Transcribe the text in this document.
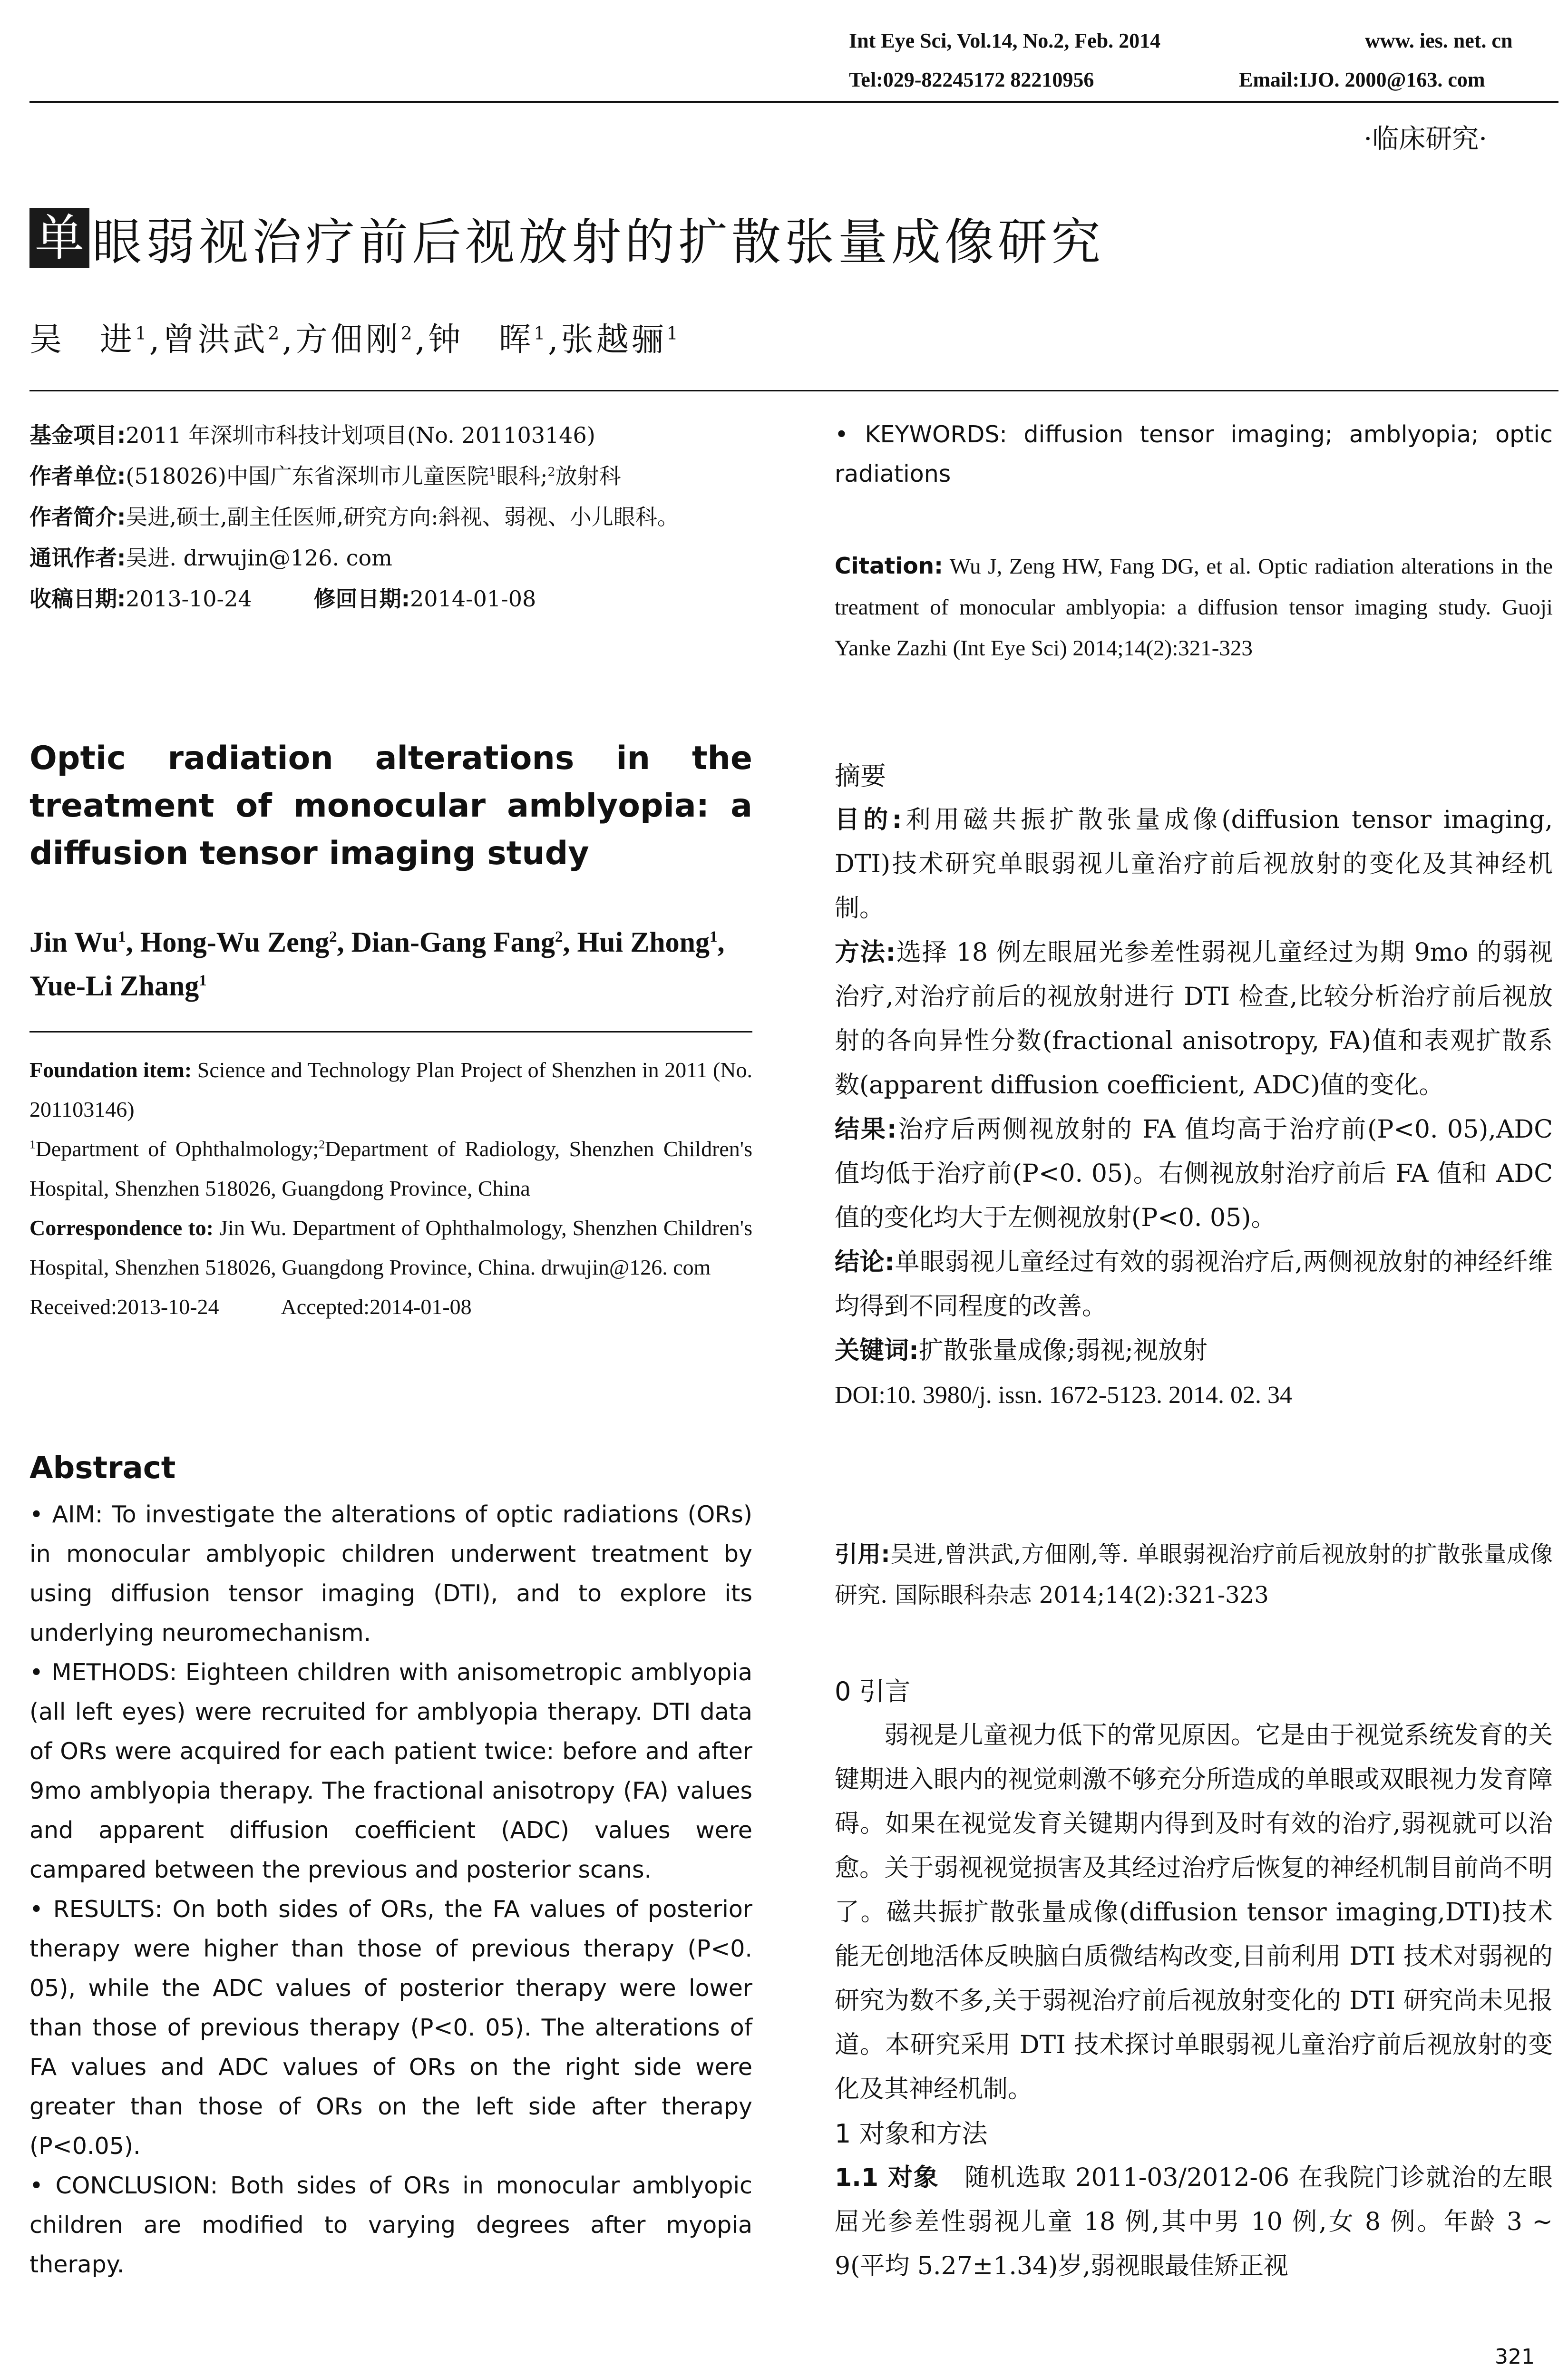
Int Eye Sci, Vol.14, No.2, Feb. 2014	www. ies. net. cn
Tel:029-82245172 82210956	Email:IJO. 2000@163. com
·临床研究·
单 眼弱视治疗前后视放射的扩散张量成像研究
吴　进$^1$,曾洪武$^2$,方佃刚$^2$,钟　晖$^1$,张越骊$^1$
基金项目:2011 年深圳市科技计划项目(No. 201103146)
作者单位:(518026)中国广东省深圳市儿童医院$^1$眼科;$^2$放射科
作者简介:吴进,硕士,副主任医师,研究方向:斜视、弱视、小儿眼科。
通讯作者:吴进. drwujin@126. com
收稿日期:2013-10-24	修回日期:2014-01-08
Optic radiation alterations in the treatment of monocular amblyopia: a diffusion tensor imaging study
Jin Wu$^1$, Hong-Wu Zeng$^2$, Dian-Gang Fang$^2$, Hui Zhong$^1$, Yue-Li Zhang$^1$
Foundation item: Science and Technology Plan Project of Shenzhen in 2011 (No. 201103146)
$^1$Department of Ophthalmology;$^2$Department of Radiology, Shenzhen Children's Hospital, Shenzhen 518026, Guangdong Province, China
Correspondence to: Jin Wu. Department of Ophthalmology, Shenzhen Children's Hospital, Shenzhen 518026, Guangdong Province, China. drwujin@126. com
Received:2013-10-24	Accepted:2014-01-08
Abstract
• AIM: To investigate the alterations of optic radiations (ORs) in monocular amblyopic children underwent treatment by using diffusion tensor imaging (DTI), and to explore its underlying neuromechanism.
• METHODS: Eighteen children with anisometropic amblyopia (all left eyes) were recruited for amblyopia therapy. DTI data of ORs were acquired for each patient twice: before and after 9mo amblyopia therapy. The fractional anisotropy (FA) values and apparent diffusion coefficient (ADC) values were campared between the previous and posterior scans.
• RESULTS: On both sides of ORs, the FA values of posterior therapy were higher than those of previous therapy (P<0. 05), while the ADC values of posterior therapy were lower than those of previous therapy (P<0. 05). The alterations of FA values and ADC values of ORs on the right side were greater than those of ORs on the left side after therapy (P<0.05).
• CONCLUSION: Both sides of ORs in monocular amblyopic children are modified to varying degrees after myopia therapy.
• KEYWORDS: diffusion tensor imaging; amblyopia; optic radiations
Citation: Wu J, Zeng HW, Fang DG, et al. Optic radiation alterations in the treatment of monocular amblyopia: a diffusion tensor imaging study. Guoji Yanke Zazhi (Int Eye Sci) 2014;14(2):321-323
摘要
目的:利用磁共振扩散张量成像(diffusion tensor imaging, DTI)技术研究单眼弱视儿童治疗前后视放射的变化及其神经机制。
方法:选择 18 例左眼屈光参差性弱视儿童经过为期 9mo 的弱视治疗,对治疗前后的视放射进行 DTI 检查,比较分析治疗前后视放射的各向异性分数(fractional anisotropy, FA)值和表观扩散系数(apparent diffusion coefficient, ADC)值的变化。
结果:治疗后两侧视放射的 FA 值均高于治疗前(P<0. 05),ADC 值均低于治疗前(P<0. 05)。右侧视放射治疗前后 FA 值和 ADC 值的变化均大于左侧视放射(P<0. 05)。
结论:单眼弱视儿童经过有效的弱视治疗后,两侧视放射的神经纤维均得到不同程度的改善。
关键词:扩散张量成像;弱视;视放射
DOI:10. 3980/j. issn. 1672-5123. 2014. 02. 34
引用:吴进,曾洪武,方佃刚,等. 单眼弱视治疗前后视放射的扩散张量成像研究. 国际眼科杂志 2014;14(2):321-323
0 引言
弱视是儿童视力低下的常见原因。它是由于视觉系统发育的关键期进入眼内的视觉刺激不够充分所造成的单眼或双眼视力发育障碍。如果在视觉发育关键期内得到及时有效的治疗,弱视就可以治愈。关于弱视视觉损害及其经过治疗后恢复的神经机制目前尚不明了。磁共振扩散张量成像(diffusion tensor imaging,DTI)技术能无创地活体反映脑白质微结构改变,目前利用 DTI 技术对弱视的研究为数不多,关于弱视治疗前后视放射变化的 DTI 研究尚未见报道。本研究采用 DTI 技术探讨单眼弱视儿童治疗前后视放射的变化及其神经机制。
1 对象和方法
1.1 对象　 随机选取 2011-03/2012-06 在我院门诊就治的左眼屈光参差性弱视儿童 18 例,其中男 10 例,女 8 例。年龄 3 ~ 9(平均 5.27±1.34)岁,弱视眼最佳矫正视
321
